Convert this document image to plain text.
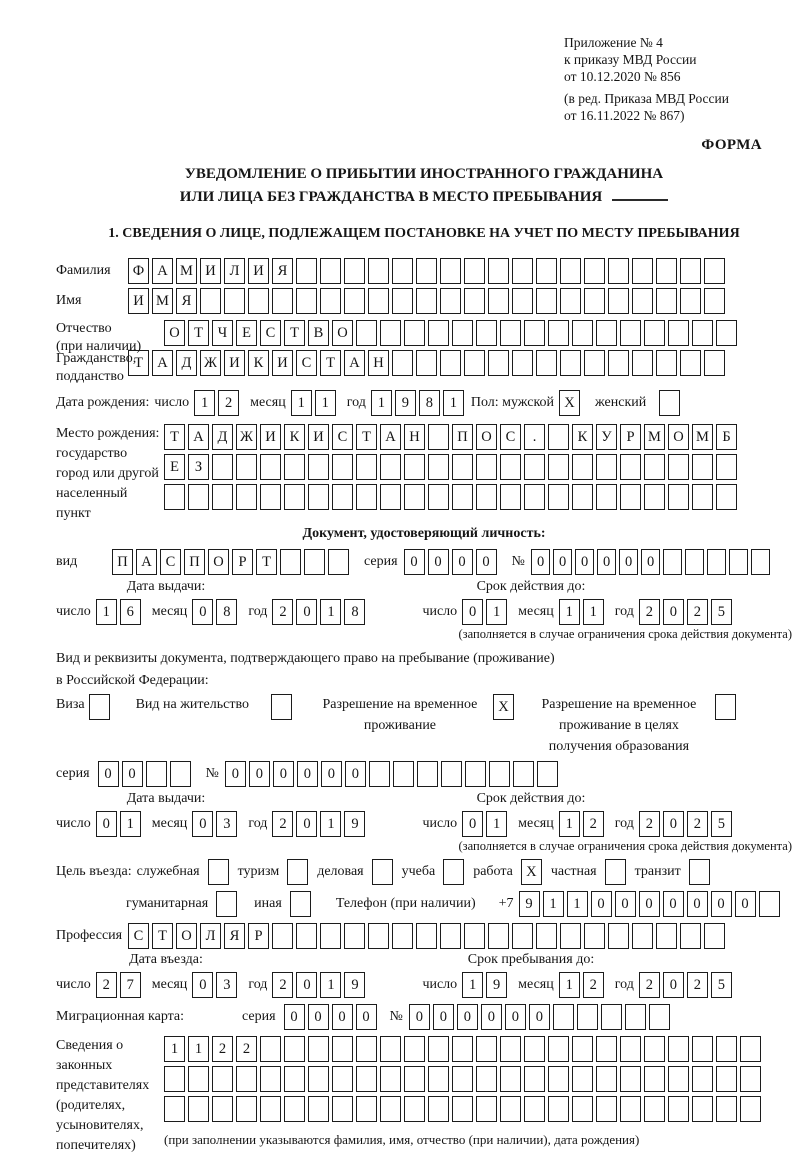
Приложение № 4
к приказу МВД России
от 10.12.2020 № 856
(в ред. Приказа МВД России
от 16.11.2022 № 867)
ФОРМА
УВЕДОМЛЕНИЕ О ПРИБЫТИИ ИНОСТРАННОГО ГРАЖДАНИНА
ИЛИ ЛИЦА БЕЗ ГРАЖДАНСТВА В МЕСТО ПРЕБЫВАНИЯ
1. СВЕДЕНИЯ О ЛИЦЕ, ПОДЛЕЖАЩЕМ ПОСТАНОВКЕ НА УЧЕТ ПО МЕСТУ ПРЕБЫВАНИЯ
Фамилия	Ф А М И Л И Я
Имя	И М Я
Отчество
(при наличии)
О Т	Ч	Е	С	Т	В О
Гражданство,
подданство
Т А Д Ж И К И С	Т А Н
Дата рождения: число 1	2	месяц 1	1	год 1	9	8	1 Пол: мужской X	женский
Место рождения:
государство
город или другой
населенный пункт
Т А Д Ж И К И С	Т А Н	П О С	.	К У	Р М О М Б
Е	З
Документ, удостоверяющий личность:
вид	П А С П О	Р	Т	серия 0	0	0	0	№ 0	0	0	0	0	0
Дата выдачи:	Срок действия до:
число 1	6	месяц 0	8	год 2	0	1	8	число 0	1	месяц 1	1	год 2	0	2	5
(заполняется в случае ограничения срока действия документа)
Вид и реквизиты документа, подтверждающего право на пребывание (проживание)
в Российской Федерации:
Виза	Вид на жительство	Разрешение на временное
проживание
X	Разрешение на временное
проживание в целях
получения образования
серия	0	0	№ 0	0	0	0	0	0
Дата выдачи:	Срок действия до:
число 0	1	месяц 0	3	год 2	0	1	9	число 0	1	месяц 1	2	год 2	0	2	5
(заполняется в случае ограничения срока действия документа)
Цель въезда: служебная	туризм	деловая	учеба	работа X	частная	транзит
гуманитарная	иная	Телефон (при наличии) +7 9	1	1	0	0	0	0	0	0	0
Профессия С	Т О Л Я	Р
Дата въезда:	Срок пребывания до:
число 2	7	месяц 0	3	год 2	0	1	9	число 1	9	месяц 1	2	год 2	0	2	5
Миграционная карта:	серия	0	0	0	0	№ 0	0	0	0	0	0
Сведения о
законных
представителях
(родителях,
усыновителях,
попечителях)
1	1	2	2
(при заполнении указываются фамилия, имя, отчество (при наличии), дата рождения)
